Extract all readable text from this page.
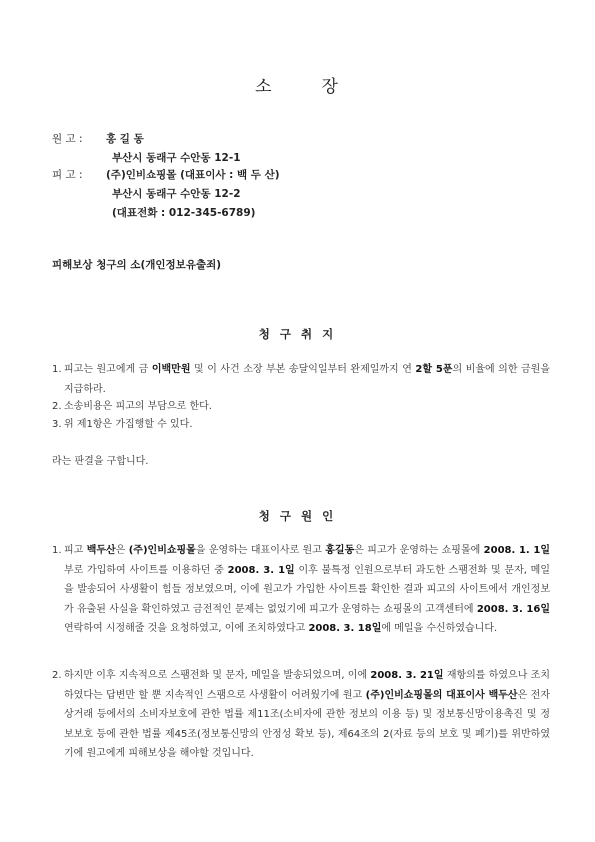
소	장
원 고 : 홍 길 동
부산시 동래구 수안동 12-1
피 고 : (주)인비쇼핑몰 (대표이사 : 백 두 산)
부산시 동래구 수안동 12-2
(대표전화 : 012-345-6789)
피해보상 청구의 소(개인정보유출죄)
청 구 취 지
1. 피고는 원고에게 금 이백만원 및 이 사건 소장 부본 송달익일부터 완제일까지 연 2할 5푼의 비율에 의한 금원을 지급하라.
2. 소송비용은 피고의 부담으로 한다.
3. 위 제1항은 가집행할 수 있다.
라는 판결을 구합니다.
청 구 원 인
1. 피고 백두산은 (주)인비쇼핑몰을 운영하는 대표이사로 원고 홍길동은 피고가 운영하는 쇼핑몰에 2008. 1. 1일부로 가입하여 사이트를 이용하던 중 2008. 3. 1일 이후 불특정 인원으로부터 과도한 스팸전화 및 문자, 메일을 발송되어 사생활이 힘들 정보였으며, 이에 원고가 가입한 사이트를 확인한 결과 피고의 사이트에서 개인정보가 유출된 사실을 확인하였고 금전적인 문제는 없었기에 피고가 운영하는 쇼핑몰의 고객센터에 2008. 3. 16일 연락하여 시정해줄 것을 요청하였고, 이에 조치하였다고 2008. 3. 18일에 메일을 수신하였습니다.
2. 하지만 이후 지속적으로 스팸전화 및 문자, 메일을 발송되었으며, 이에 2008. 3. 21일 재항의를 하였으나 조치하였다는 답변만 할 뿐 지속적인 스팸으로 사생활이 어려웠기에 원고 (주)인비쇼핑몰의 대표이사 백두산은 전자상거래 등에서의 소비자보호에 관한 법률 제11조(소비자에 관한 정보의 이용 등) 및 정보통신망이용촉진 및 정보보호 등에 관한 법률 제45조(정보통신망의 안정성 확보 등), 제64조의 2(자료 등의 보호 및 폐기)를 위반하였기에 원고에게 피해보상을 해야할 것입니다.
